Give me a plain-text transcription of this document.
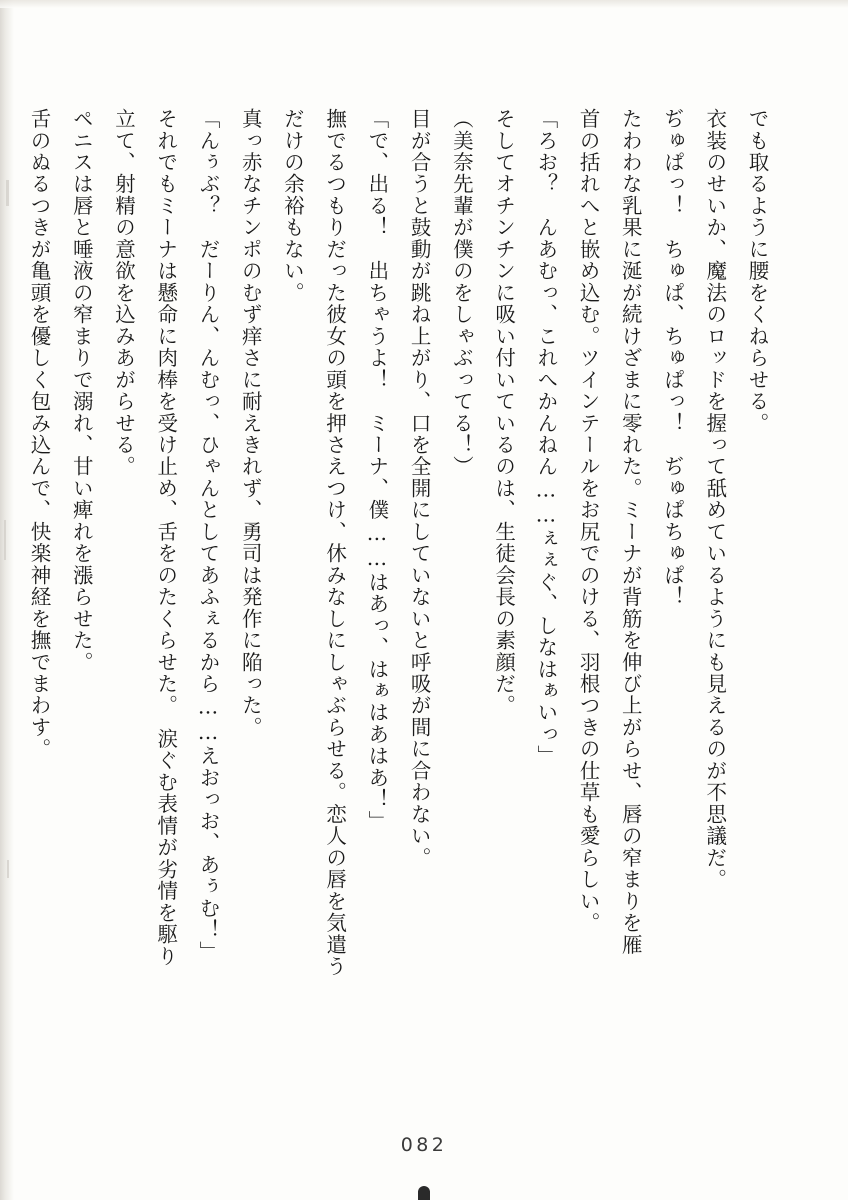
でも取るように腰をくねらせる。
衣装のせいか、魔法のロッドを握って舐めているようにも見えるのが不思議だ。
ぢゅぱっ！　ちゅぱ、ちゅぱっ！　ぢゅぱちゅぱ！
たわわな乳果に涎が続けざまに零れた。ミーナが背筋を伸び上がらせ、唇の窄まりを雁
首の括れへと嵌め込む。ツインテールをお尻でのける、羽根つきの仕草も愛らしい。
「ろお？　んあむっ、これへかんねん……ぇぇぐ、しなはぁいっ」
そしてオチンチンに吸い付いているのは、生徒会長の素顔だ。
（美奈先輩が僕のをしゃぶってる！）
目が合うと鼓動が跳ね上がり、口を全開にしていないと呼吸が間に合わない。
「で、出る！　出ちゃうよ！　ミーナ、僕……はあっ、はぁはあはあ！」
撫でるつもりだった彼女の頭を押さえつけ、休みなしにしゃぶらせる。恋人の唇を気遣う
だけの余裕もない。
真っ赤なチンポのむず痒さに耐えきれず、勇司は発作に陥った。
「んぅぶ？　だーりん、んむっ、ひゃんとしてあふぇるから……えおっお、あぅむ！」
それでもミーナは懸命に肉棒を受け止め、舌をのたくらせた。　涙ぐむ表情が劣情を駆り
立て、射精の意欲を込みあがらせる。
ペニスは唇と唾液の窄まりで溺れ、甘い痺れを漲らせた。
舌のぬるつきが亀頭を優しく包み込んで、快楽神経を撫でまわす。
082
